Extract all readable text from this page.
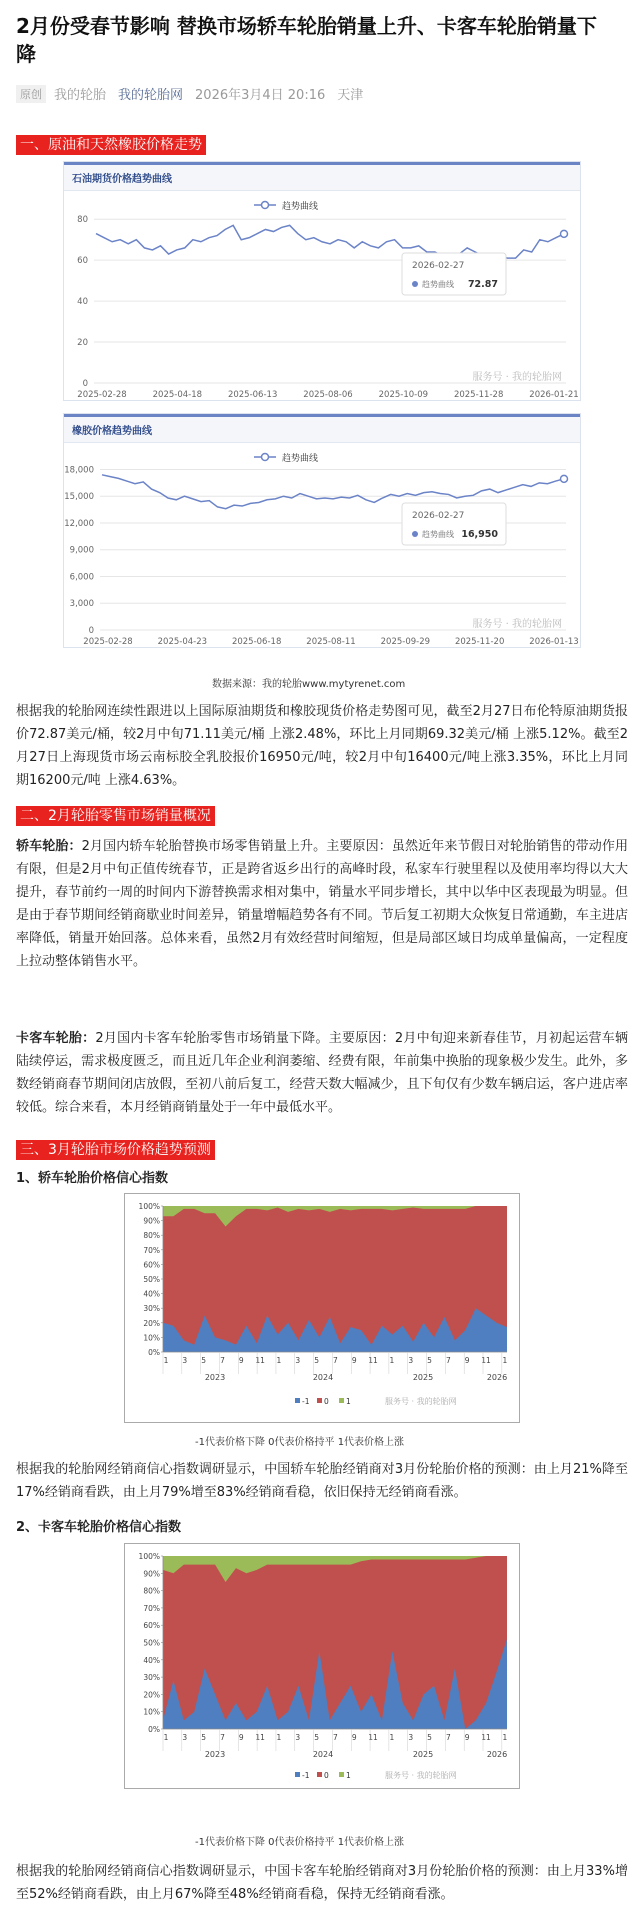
2月份受春节影响 替换市场轿车轮胎销量上升、卡客车轮胎销量下降
原创 我的轮胎 我的轮胎网 2026年3月4日 20:16 天津
一、原油和天然橡胶价格走势
石油期货价格趋势曲线
趋势曲线
0
20
40
60
80
2025-02-28	2025-04-18	2025-06-13	2025-08-06	2025-10-09	2025-11-28	2026-01-21
2026-02-27
趋势曲线 72.87
服务号 · 我的轮胎网
橡胶价格趋势曲线
趋势曲线
0
3,000
6,000
9,000
12,000
15,000
18,000
2025-02-28	2025-04-23	2025-06-18	2025-08-11	2025-09-29	2025-11-20	2026-01-13
2026-02-27
趋势曲线 16,950
服务号 · 我的轮胎网
数据来源：我的轮胎www.mytyrenet.com

根据我的轮胎网连续性跟进以上国际原油期货和橡胶现货价格走势图可见，截至2月27日布伦特原油期货报价72.87美元/桶，较2月中旬71.11美元/桶 上涨2.48%，环比上月同期69.32美元/桶 上涨5.12%。截至2月27日上海现货市场云南标胶全乳胶报价16950元/吨，较2月中旬16400元/吨上涨3.35%，环比上月同期16200元/吨 上涨4.63%。

二、2月轮胎零售市场销量概况

轿车轮胎：2月国内轿车轮胎替换市场零售销量上升。主要原因：虽然近年来节假日对轮胎销售的带动作用有限，但是2月中旬正值传统春节，正是跨省返乡出行的高峰时段，私家车行驶里程以及使用率均得以大大提升，春节前约一周的时间内下游替换需求相对集中，销量水平同步增长，其中以华中区表现最为明显。但是由于春节期间经销商歇业时间差异，销量增幅趋势各有不同。节后复工初期大众恢复日常通勤，车主进店率降低，销量开始回落。总体来看，虽然2月有效经营时间缩短，但是局部区域日均成单量偏高，一定程度上拉动整体销售水平。

卡客车轮胎：2月国内卡客车轮胎零售市场销量下降。主要原因：2月中旬迎来新春佳节，月初起运营车辆陆续停运，需求极度匮乏，而且近几年企业利润萎缩、经费有限，年前集中换胎的现象极少发生。此外，多数经销商春节期间闭店放假，至初八前后复工，经营天数大幅减少，且下旬仅有少数车辆启运，客户进店率较低。综合来看，本月经销商销量处于一年中最低水平。

三、3月轮胎市场价格趋势预测
1、轿车轮胎价格信心指数
0%
10%
20%
30%
40%
50%
60%
70%
80%
90%
100%
1 3 5 7 9 11 1 3 5 7 9 11 1 3 5 7 9 11 1
2023	2024	2025	2026
-1 0 1	服务号 · 我的轮胎网
-1代表价格下降 0代表价格持平 1代表价格上涨

根据我的轮胎网经销商信心指数调研显示，中国轿车轮胎经销商对3月份轮胎价格的预测：由上月21%降至17%经销商看跌，由上月79%增至83%经销商看稳，依旧保持无经销商看涨。

2、卡客车轮胎价格信心指数
0%
10%
20%
30%
40%
50%
60%
70%
80%
90%
100%
1 3 5 7 9 11 1 3 5 7 9 11 1 3 5 7 9 11 1
2023	2024	2025	2026
-1 0 1	服务号 · 我的轮胎网
-1代表价格下降 0代表价格持平 1代表价格上涨

根据我的轮胎网经销商信心指数调研显示，中国卡客车轮胎经销商对3月份轮胎价格的预测：由上月33%增至52%经销商看跌，由上月67%降至48%经销商看稳，保持无经销商看涨。
